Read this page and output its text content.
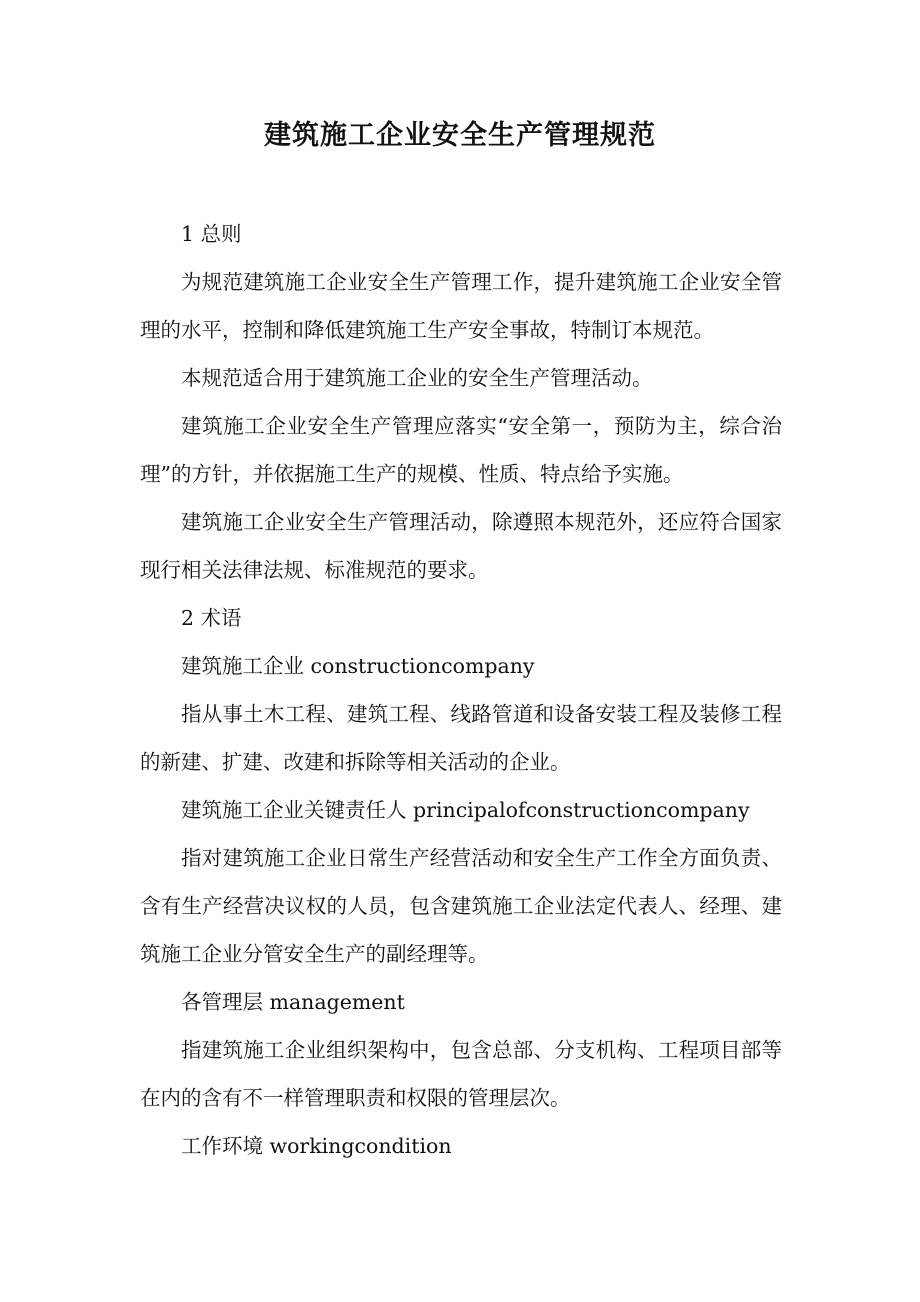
建筑施工企业安全生产管理规范

1 总则

为规范建筑施工企业安全生产管理工作，提升建筑施工企业安全管理的水平，控制和降低建筑施工生产安全事故，特制订本规范。

本规范适合用于建筑施工企业的安全生产管理活动。

建筑施工企业安全生产管理应落实“安全第一，预防为主，综合治理”的方针，并依据施工生产的规模、性质、特点给予实施。

建筑施工企业安全生产管理活动，除遵照本规范外，还应符合国家现行相关法律法规、标准规范的要求。

2 术语

建筑施工企业 constructioncompany

指从事土木工程、建筑工程、线路管道和设备安装工程及装修工程的新建、扩建、改建和拆除等相关活动的企业。

建筑施工企业关键责任人 principalofconstructioncompany

指对建筑施工企业日常生产经营活动和安全生产工作全方面负责、含有生产经营决议权的人员，包含建筑施工企业法定代表人、经理、建筑施工企业分管安全生产的副经理等。

各管理层 management

指建筑施工企业组织架构中，包含总部、分支机构、工程项目部等在内的含有不一样管理职责和权限的管理层次。

工作环境 workingcondition
